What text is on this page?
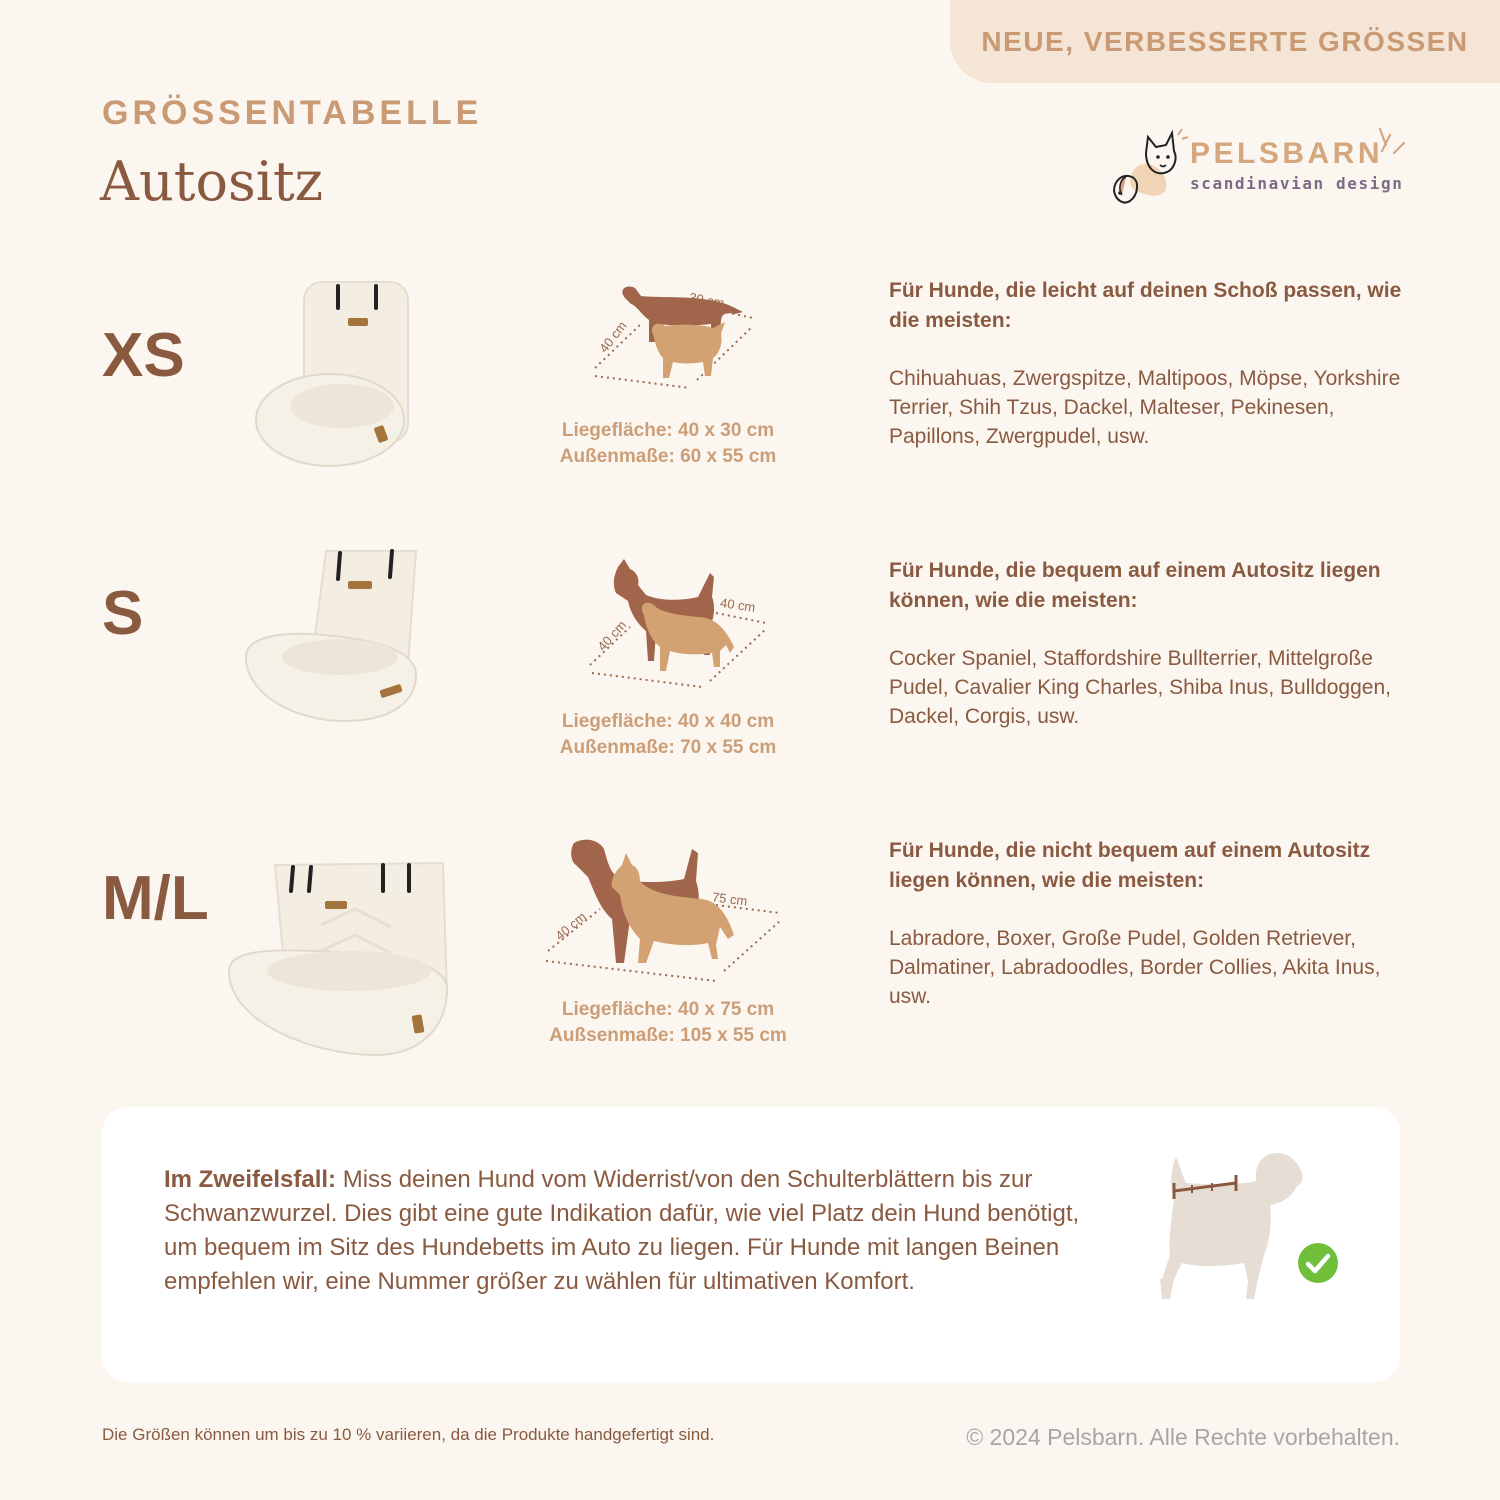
NEUE, VERBESSERTE GRÖSSEN
GRÖSSENTABELLE
Autositz	PELSBARN
scandinavian design
XS	40 cm
30 cm
Liegefläche: 40 x 30 cm
Außenmaße: 60 x 55 cm
Für Hunde, die leicht auf deinen Schoß passen, wie die meisten:
Chihuahuas, Zwergspitze, Maltipoos, Möpse, Yorkshire Terrier, Shih Tzus, Dackel, Malteser, Pekinesen, Papillons, Zwergpudel, usw.
S	40 cm
40 cm
Liegefläche: 40 x 40 cm
Außenmaße: 70 x 55 cm
Für Hunde, die bequem auf einem Autositz liegen können, wie die meisten:
Cocker Spaniel, Staffordshire Bullterrier, Mittelgroße Pudel, Cavalier King Charles, Shiba Inus, Bulldoggen, Dackel, Corgis, usw.
M/L	40 cm
75 cm
Liegefläche: 40 x 75 cm
Außsenmaße: 105 x 55 cm
Für Hunde, die nicht bequem auf einem Autositz liegen können, wie die meisten:
Labradore, Boxer, Große Pudel, Golden Retriever, Dalmatiner, Labradoodles, Border Collies, Akita Inus, usw.
Im Zweifelsfall: Miss deinen Hund vom Widerrist/von den Schulterblättern bis zur Schwanzwurzel. Dies gibt eine gute Indikation dafür, wie viel Platz dein Hund benötigt, um bequem im Sitz des Hundebetts im Auto zu liegen. Für Hunde mit langen Beinen empfehlen wir, eine Nummer größer zu wählen für ultimativen Komfort.
Die Größen können um bis zu 10 % variieren, da die Produkte handgefertigt sind.	© 2024 Pelsbarn. Alle Rechte vorbehalten.
